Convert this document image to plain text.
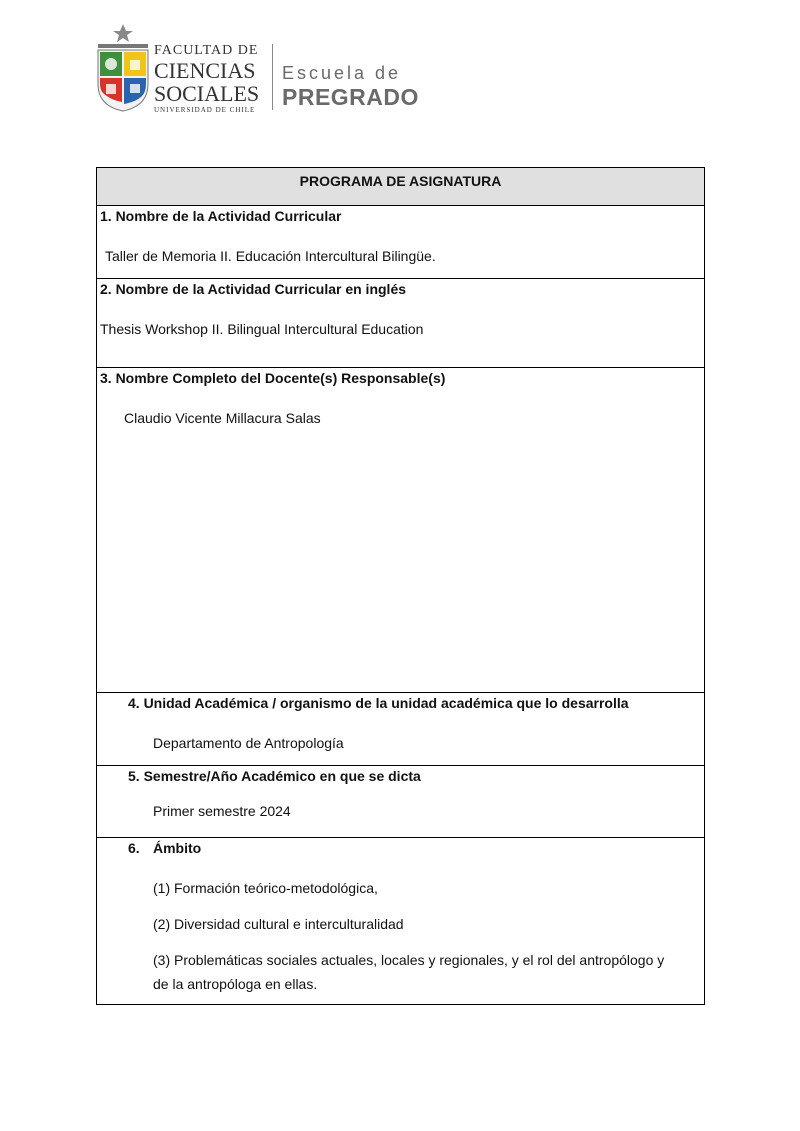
FACULTAD DE
CIENCIAS
SOCIALES
UNIVERSIDAD DE CHILE
Escuela de
PREGRADO
PROGRAMA DE ASIGNATURA
1. Nombre de la Actividad Curricular
Taller de Memoria II. Educación Intercultural Bilingüe.
2. Nombre de la Actividad Curricular en inglés
Thesis Workshop II. Bilingual Intercultural Education
3. Nombre Completo del Docente(s) Responsable(s)
Claudio Vicente Millacura Salas
4. Unidad Académica / organismo de la unidad académica que lo desarrolla
Departamento de Antropología
5. Semestre/Año Académico en que se dicta
Primer semestre 2024
6. Ámbito
(1) Formación teórico-metodológica,
(2) Diversidad cultural e interculturalidad
(3) Problemáticas sociales actuales, locales y regionales, y el rol del antropólogo y
de la antropóloga en ellas.
